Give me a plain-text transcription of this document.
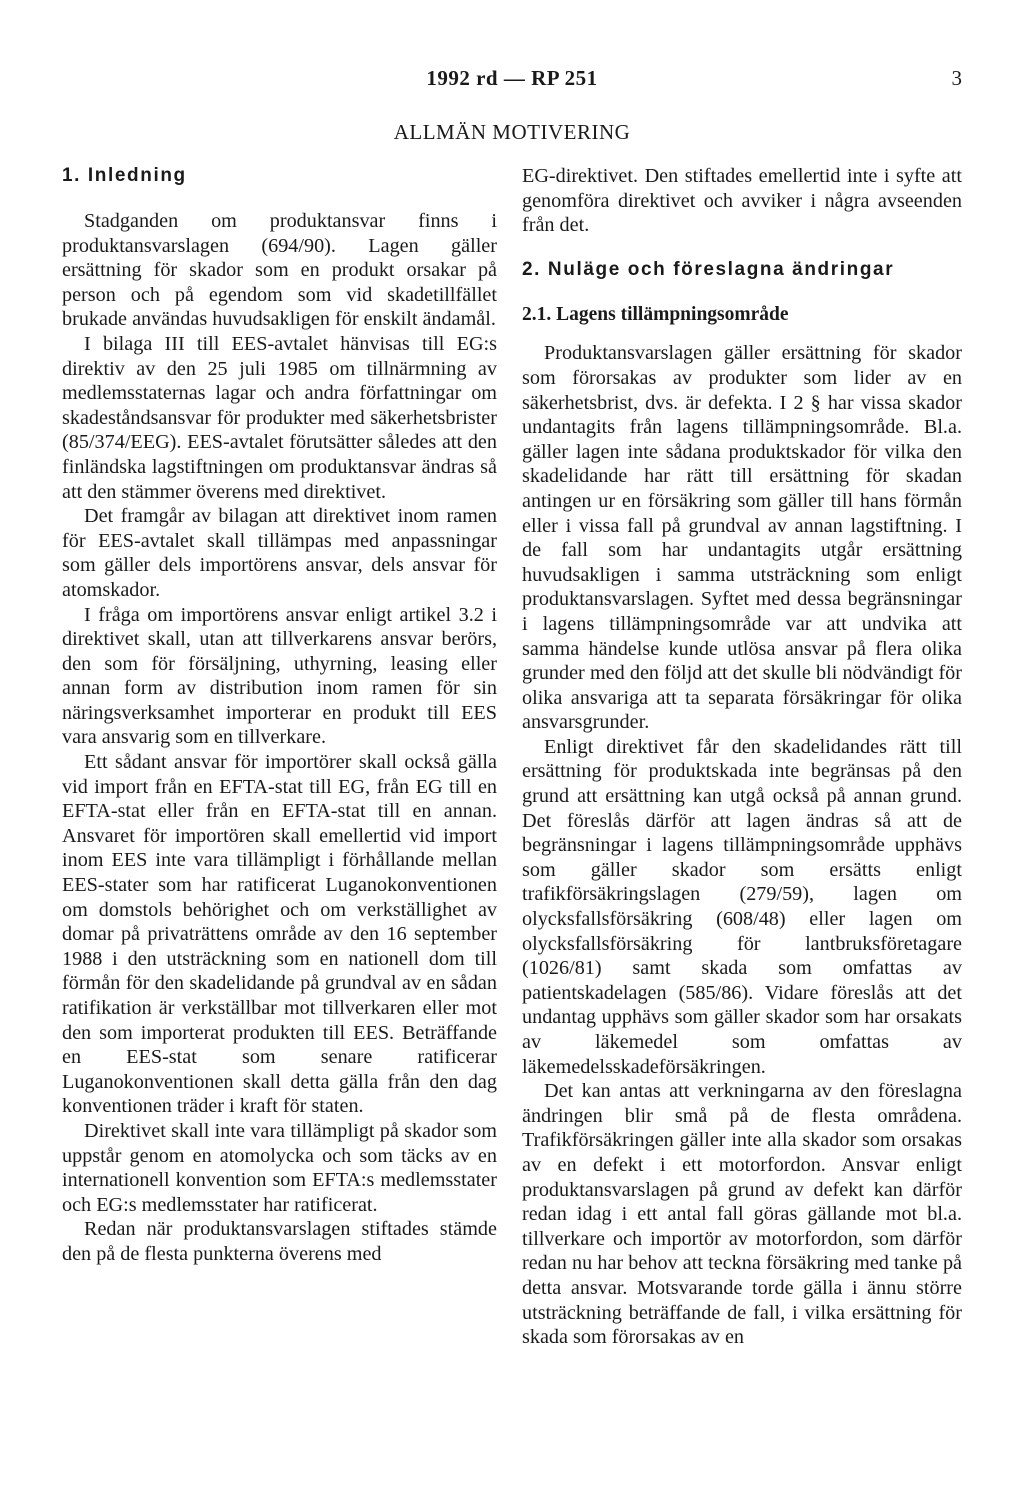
1992 rd — RP 251	3
ALLMÄN MOTIVERING
1. Inledning

Stadganden om produktansvar finns i produktansvarslagen (694/90). Lagen gäller ersättning för skador som en produkt orsakar på person och på egendom som vid skadetillfället brukade användas huvudsakligen för enskilt ändamål.

I bilaga III till EES-avtalet hänvisas till EG:s direktiv av den 25 juli 1985 om tillnärmning av medlemsstaternas lagar och andra författningar om skadeståndsansvar för produkter med säkerhetsbrister (85/374/EEG). EES-avtalet förutsätter således att den finländska lagstiftningen om produktansvar ändras så att den stämmer överens med direktivet.

Det framgår av bilagan att direktivet inom ramen för EES-avtalet skall tillämpas med anpassningar som gäller dels importörens ansvar, dels ansvar för atomskador.

I fråga om importörens ansvar enligt artikel 3.2 i direktivet skall, utan att tillverkarens ansvar berörs, den som för försäljning, uthyrning, leasing eller annan form av distribution inom ramen för sin näringsverksamhet importerar en produkt till EES vara ansvarig som en tillverkare.

Ett sådant ansvar för importörer skall också gälla vid import från en EFTA-stat till EG, från EG till en EFTA-stat eller från en EFTA-stat till en annan. Ansvaret för importören skall emellertid vid import inom EES inte vara tillämpligt i förhållande mellan EES-stater som har ratificerat Luganokonventionen om domstols behörighet och om verkställighet av domar på privaträttens område av den 16 september 1988 i den utsträckning som en nationell dom till förmån för den skadelidande på grundval av en sådan ratifikation är verkställbar mot tillverkaren eller mot den som importerat produkten till EES. Beträffande en EES-stat som senare ratificerar Luganokonventionen skall detta gälla från den dag konventionen träder i kraft för staten.

Direktivet skall inte vara tillämpligt på skador som uppstår genom en atomolycka och som täcks av en internationell konvention som EFTA:s medlemsstater och EG:s medlemsstater har ratificerat.

Redan när produktansvarslagen stiftades stämde den på de flesta punkterna överens med

EG-direktivet. Den stiftades emellertid inte i syfte att genomföra direktivet och avviker i några avseenden från det.

2. Nuläge och föreslagna ändringar
2.1. Lagens tillämpningsområde

Produktansvarslagen gäller ersättning för skador som förorsakas av produkter som lider av en säkerhetsbrist, dvs. är defekta. I 2 § har vissa skador undantagits från lagens tillämpningsområde. Bl.a. gäller lagen inte sådana produktskador för vilka den skadelidande har rätt till ersättning för skadan antingen ur en försäkring som gäller till hans förmån eller i vissa fall på grundval av annan lagstiftning. I de fall som har undantagits utgår ersättning huvudsakligen i samma utsträckning som enligt produktansvarslagen. Syftet med dessa begränsningar i lagens tillämpningsområde var att undvika att samma händelse kunde utlösa ansvar på flera olika grunder med den följd att det skulle bli nödvändigt för olika ansvariga att ta separata försäkringar för olika ansvarsgrunder.

Enligt direktivet får den skadelidandes rätt till ersättning för produktskada inte begränsas på den grund att ersättning kan utgå också på annan grund. Det föreslås därför att lagen ändras så att de begränsningar i lagens tillämpningsområde upphävs som gäller skador som ersätts enligt trafikförsäkringslagen (279/59), lagen om olycksfallsförsäkring (608/48) eller lagen om olycksfallsförsäkring för lantbruksföretagare (1026/81) samt skada som omfattas av patientskadelagen (585/86). Vidare föreslås att det undantag upphävs som gäller skador som har orsakats av läkemedel som omfattas av läkemedelsskadeförsäkringen.

Det kan antas att verkningarna av den föreslagna ändringen blir små på de flesta områdena. Trafikförsäkringen gäller inte alla skador som orsakas av en defekt i ett motorfordon. Ansvar enligt produktansvarslagen på grund av defekt kan därför redan idag i ett antal fall göras gällande mot bl.a. tillverkare och importör av motorfordon, som därför redan nu har behov att teckna försäkring med tanke på detta ansvar. Motsvarande torde gälla i ännu större utsträckning beträffande de fall, i vilka ersättning för skada som förorsakas av en
